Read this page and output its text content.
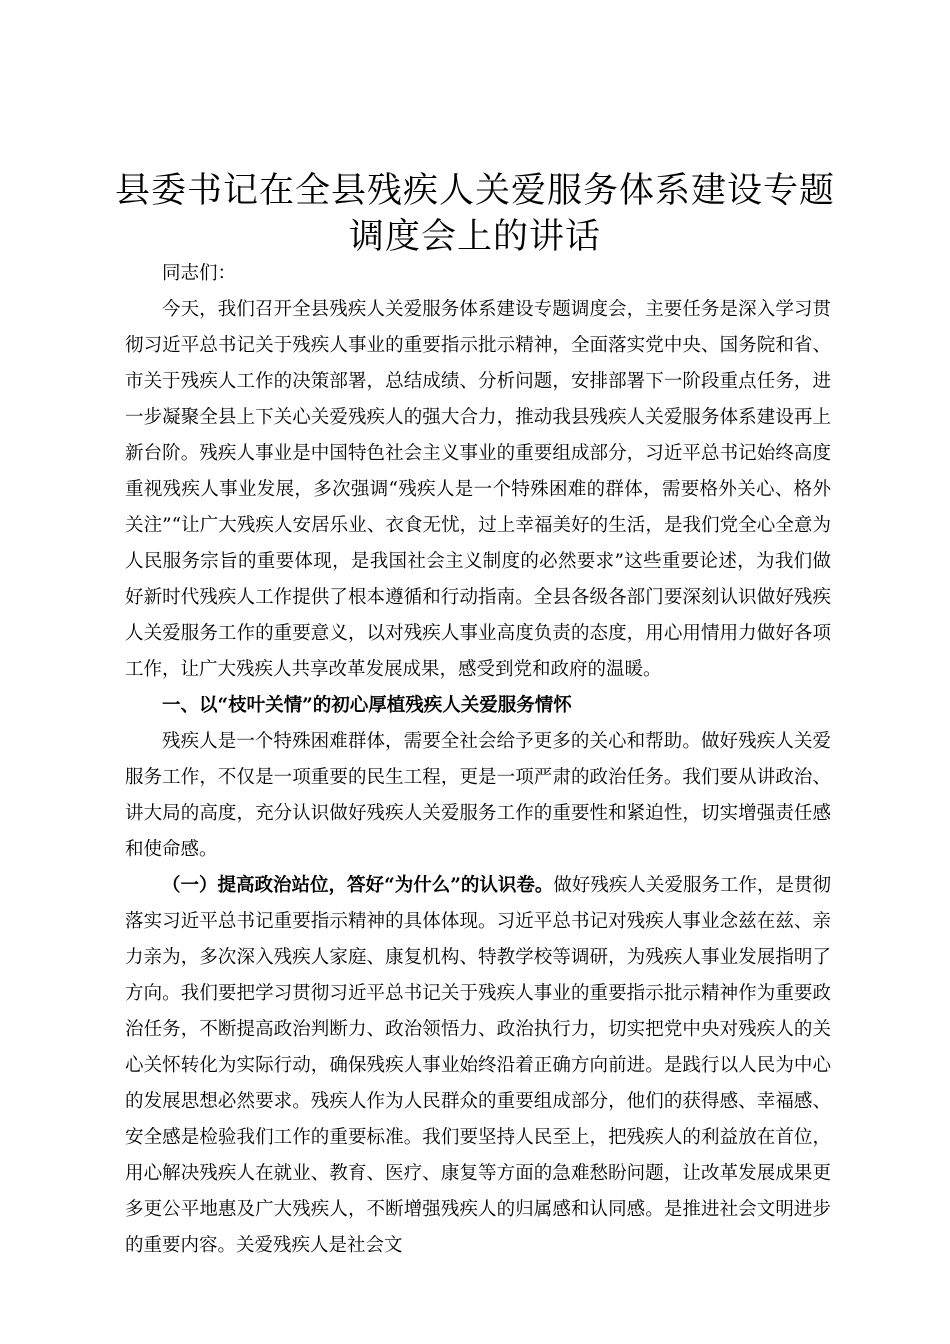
县委书记在全县残疾人关爱服务体系建设专题调度会上的讲话

同志们：

今天，我们召开全县残疾人关爱服务体系建设专题调度会，主要任务是深入学习贯彻习近平总书记关于残疾人事业的重要指示批示精神，全面落实党中央、国务院和省、市关于残疾人工作的决策部署，总结成绩、分析问题，安排部署下一阶段重点任务，进一步凝聚全县上下关心关爱残疾人的强大合力，推动我县残疾人关爱服务体系建设再上新台阶。残疾人事业是中国特色社会主义事业的重要组成部分，习近平总书记始终高度重视残疾人事业发展，多次强调“残疾人是一个特殊困难的群体，需要格外关心、格外关注”“让广大残疾人安居乐业、衣食无忧，过上幸福美好的生活，是我们党全心全意为人民服务宗旨的重要体现，是我国社会主义制度的必然要求”这些重要论述，为我们做好新时代残疾人工作提供了根本遵循和行动指南。全县各级各部门要深刻认识做好残疾人关爱服务工作的重要意义，以对残疾人事业高度负责的态度，用心用情用力做好各项工作，让广大残疾人共享改革发展成果，感受到党和政府的温暖。

一、以“枝叶关情”的初心厚植残疾人关爱服务情怀

残疾人是一个特殊困难群体，需要全社会给予更多的关心和帮助。做好残疾人关爱服务工作，不仅是一项重要的民生工程，更是一项严肃的政治任务。我们要从讲政治、讲大局的高度，充分认识做好残疾人关爱服务工作的重要性和紧迫性，切实增强责任感和使命感。

（一）提高政治站位，答好“为什么”的认识卷。做好残疾人关爱服务工作，是贯彻落实习近平总书记重要指示精神的具体体现。习近平总书记对残疾人事业念兹在兹、亲力亲为，多次深入残疾人家庭、康复机构、特教学校等调研，为残疾人事业发展指明了方向。我们要把学习贯彻习近平总书记关于残疾人事业的重要指示批示精神作为重要政治任务，不断提高政治判断力、政治领悟力、政治执行力，切实把党中央对残疾人的关心关怀转化为实际行动，确保残疾人事业始终沿着正确方向前进。是践行以人民为中心的发展思想必然要求。残疾人作为人民群众的重要组成部分，他们的获得感、幸福感、安全感是检验我们工作的重要标准。我们要坚持人民至上，把残疾人的利益放在首位，用心解决残疾人在就业、教育、医疗、康复等方面的急难愁盼问题，让改革发展成果更多更公平地惠及广大残疾人，不断增强残疾人的归属感和认同感。是推进社会文明进步的重要内容。关爱残疾人是社会文
